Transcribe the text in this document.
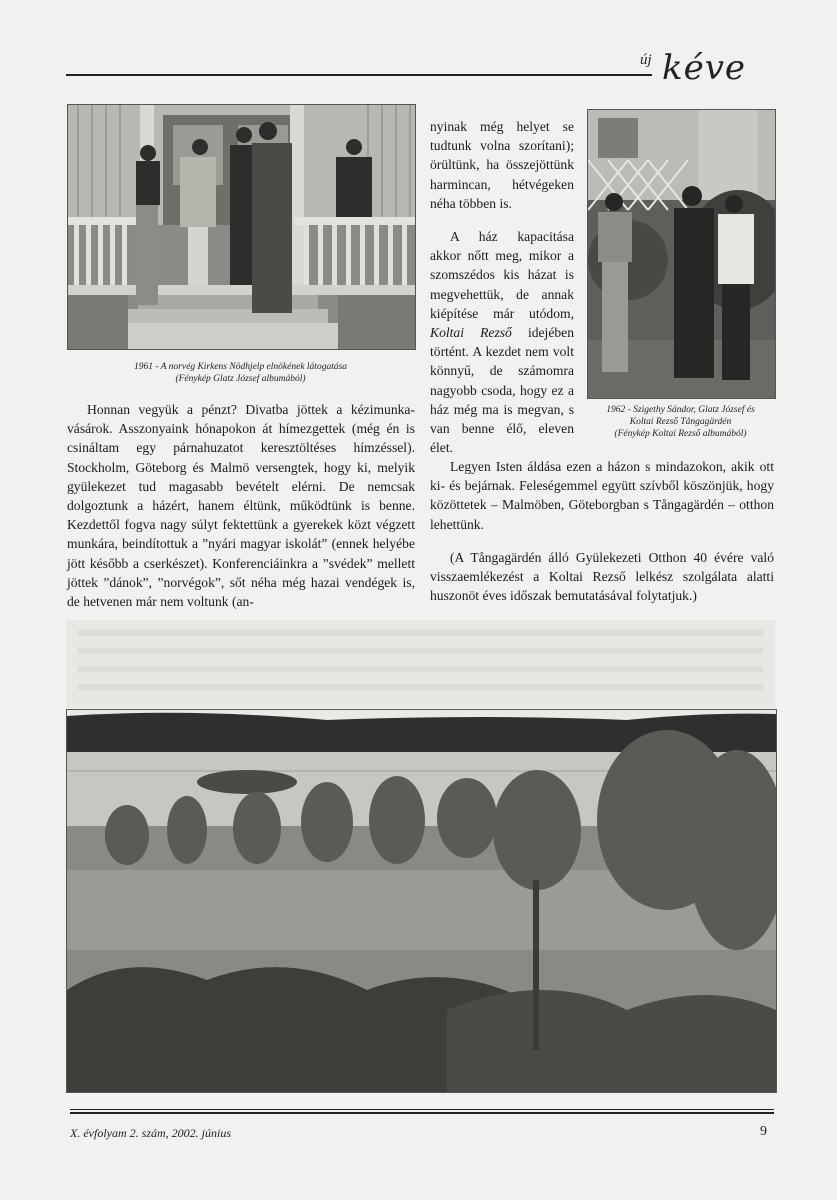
új kéve
1961 - A norvég Kirkens Nödhjelp elnökének látogatása
(Fénykép Glatz József albumából)
1962 - Szigethy Sándor, Glatz József és
Koltai Rezső Tångagärdén
(Fénykép Koltai Rezső albumából)
Honnan vegyük a pénzt? Divatba jöttek a kézimunka-vásárok. Asszonyaink hónapokon át hímezgettek (még én is csináltam egy párnahuzatot keresztöltéses hímzéssel). Stockholm, Göteborg és Malmö versengtek, hogy ki, melyik gyülekezet tud magasabb bevételt elérni. De nemcsak dolgoztunk a házért, hanem éltünk, működtünk is benne. Kezdettől fogva nagy súlyt fektettünk a gyerekek közt végzett munkára, beindítottuk a ”nyári magyar iskolát” (ennek helyébe jött később a cserkészet). Konferenciáinkra a ”svédek” mellett jöttek ”dánok”, ”norvégok”, sőt néha még hazai vendégek is, de hetvenen már nem voltunk (an-

nyinak még helyet se tudtunk volna szorítani); örültünk, ha összejöttünk harmincan, hétvégeken néha többen is.

A ház kapacitása akkor nőtt meg, mikor a szomszédos kis házat is megvehettük, de annak kiépítése már utódom, Koltai Rezső idejében történt. A kezdet nem volt könnyű, de számomra nagyobb csoda, hogy ez a ház még ma is megvan, s van benne élő, eleven élet.

Legyen Isten áldása ezen a házon s mindazokon, akik ott ki- és bejárnak. Feleségemmel együtt szívből köszönjük, hogy közöttetek – Malmöben, Göteborgban s Tångagärdén – otthon lehettünk.

(A Tångagärdén álló Gyülekezeti Otthon 40 évére való visszaemlékezést a Koltai Rezső lelkész szolgálata alatti huszonöt éves időszak bemutatásával folytatjuk.)

X. évfolyam 2. szám, 2002. június	9
